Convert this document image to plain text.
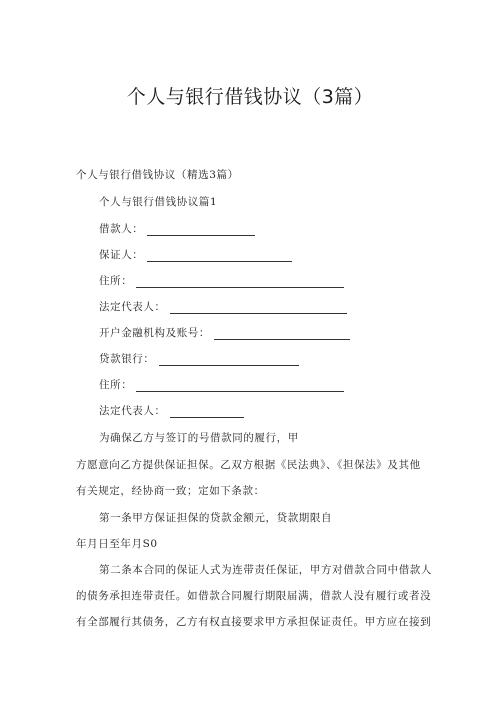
个人与银行借钱协议（3篇）
个人与银行借钱协议（精选3篇）
个人与银行借钱协议篇1
借款人：
保证人：
住所：
法定代表人：
开户金融机构及账号：
贷款银行：
住所：
法定代表人：
为确保乙方与签订的号借款同的履行，甲
方愿意向乙方提供保证担保。乙双方根据《民法典》、《担保法》及其他
有关规定，经协商一致；定如下条款：
第一条甲方保证担保的贷款金额元，贷款期限自
年月日至年月S0
第二条本合同的保证人式为连带责任保证，甲方对借款合同中借款人
的债务承担连带责任。如借款合同履行期限届满，借款人没有履行或者没
有全部履行其债务，乙方有权直接要求甲方承担保证责任。甲方应在接到
